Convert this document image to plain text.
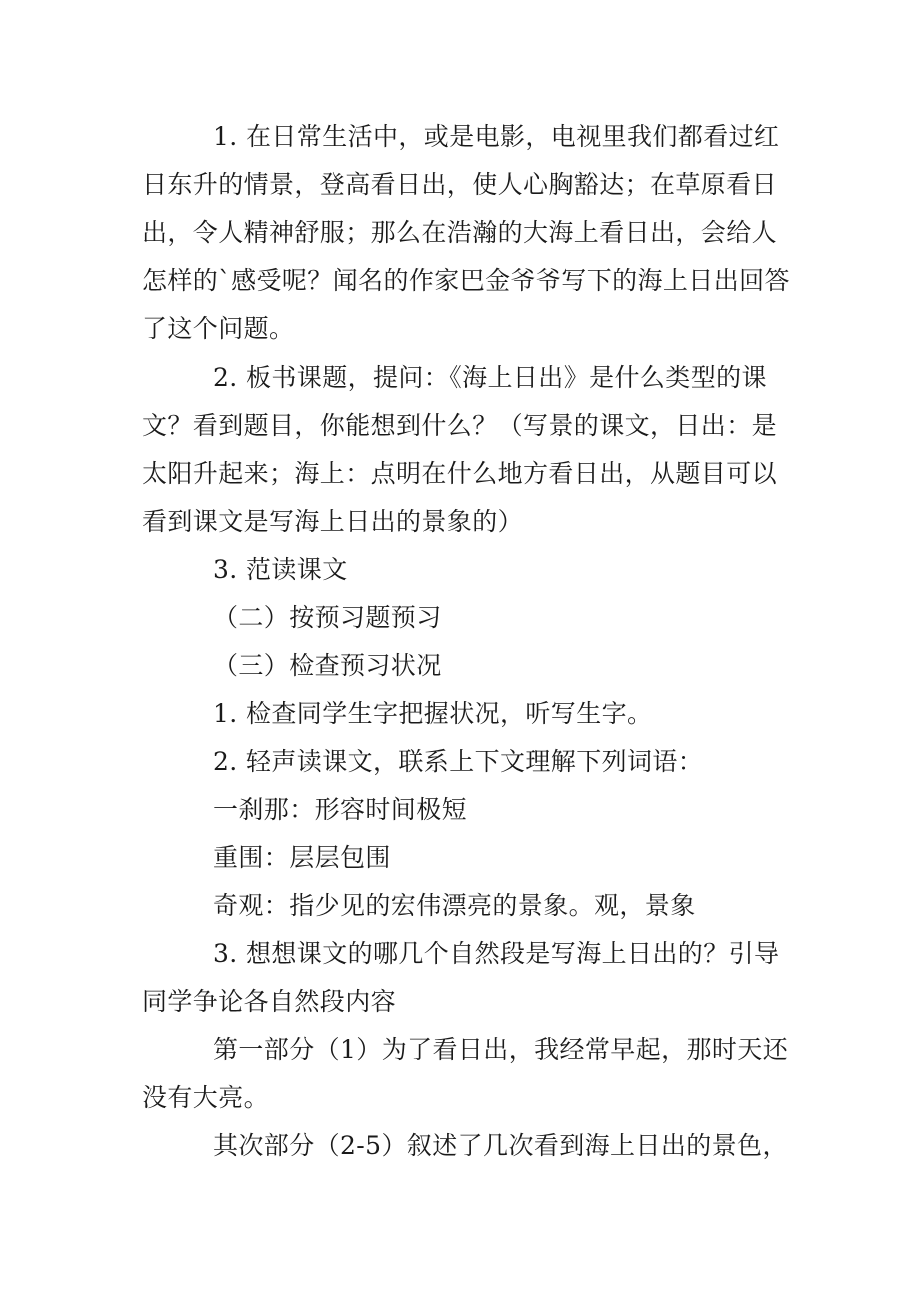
1. 在日常生活中，或是电影，电视里我们都看过红
日东升的情景，登高看日出，使人心胸豁达；在草原看日
出，令人精神舒服；那么在浩瀚的大海上看日出，会给人
怎样的`感受呢？闻名的作家巴金爷爷写下的海上日出回答
了这个问题。
2. 板书课题，提问：《海上日出》是什么类型的课
文？看到题目，你能想到什么？（写景的课文，日出：是
太阳升起来；海上：点明在什么地方看日出，从题目可以
看到课文是写海上日出的景象的）
3. 范读课文
（二）按预习题预习
（三）检查预习状况
1. 检查同学生字把握状况，听写生字。
2. 轻声读课文，联系上下文理解下列词语：
一刹那：形容时间极短
重围：层层包围
奇观：指少见的宏伟漂亮的景象。观，景象
3. 想想课文的哪几个自然段是写海上日出的？引导
同学争论各自然段内容
第一部分（1）为了看日出，我经常早起，那时天还
没有大亮。
其次部分（2-5）叙述了几次看到海上日出的景色，
